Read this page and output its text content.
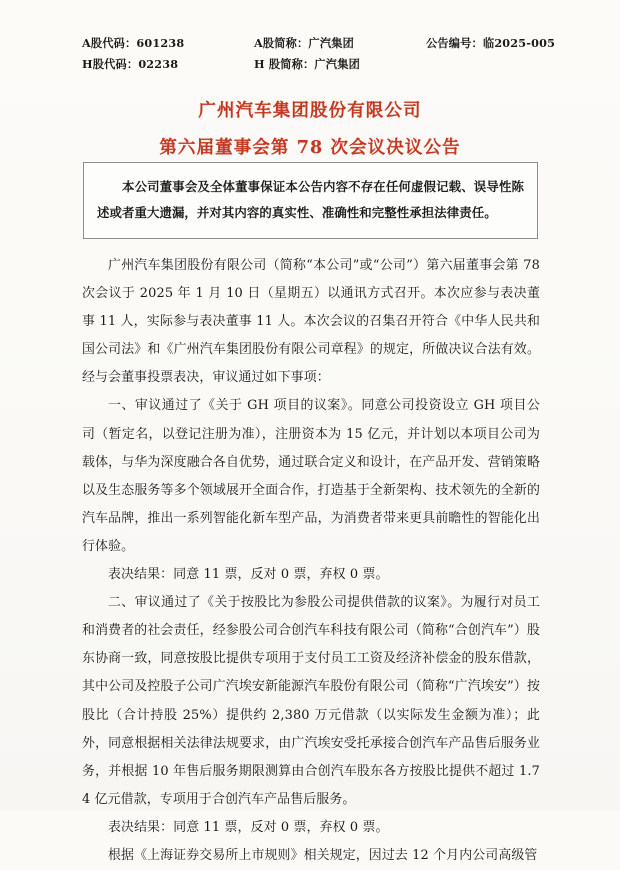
A股代码：601238	A股简称：广汽集团	公告编号：临2025-005
H股代码：02238	H 股简称：广汽集团
广州汽车集团股份有限公司
第六届董事会第 78 次会议决议公告

本公司董事会及全体董事保证本公告内容不存在任何虚假记载、误导性陈述或者重大遗漏，并对其内容的真实性、准确性和完整性承担法律责任。

广州汽车集团股份有限公司（简称“本公司”或“公司”）第六届董事会第 78 次会议于 2025 年 1 月 10 日（星期五）以通讯方式召开。本次应参与表决董事 11 人，实际参与表决董事 11 人。本次会议的召集召开符合《中华人民共和国公司法》和《广州汽车集团股份有限公司章程》的规定，所做决议合法有效。经与会董事投票表决，审议通过如下事项：

一、审议通过了《关于 GH 项目的议案》。同意公司投资设立 GH 项目公司（暂定名，以登记注册为准），注册资本为 15 亿元，并计划以本项目公司为载体，与华为深度融合各自优势，通过联合定义和设计，在产品开发、营销策略以及生态服务等多个领域展开全面合作，打造基于全新架构、技术领先的全新的汽车品牌，推出一系列智能化新车型产品，为消费者带来更具前瞻性的智能化出行体验。

表决结果：同意 11 票，反对 0 票，弃权 0 票。

二、审议通过了《关于按股比为参股公司提供借款的议案》。为履行对员工和消费者的社会责任，经参股公司合创汽车科技有限公司（简称“合创汽车”）股东协商一致，同意按股比提供专项用于支付员工工资及经济补偿金的股东借款，其中公司及控股子公司广汽埃安新能源汽车股份有限公司（简称“广汽埃安”）按股比（合计持股 25%）提供约 2,380 万元借款（以实际发生金额为准）；此外，同意根据相关法律法规要求，由广汽埃安受托承接合创汽车产品售后服务业务，并根据 10 年售后服务期限测算由合创汽车股东各方按股比提供不超过 1.74 亿元借款，专项用于合创汽车产品售后服务。

表决结果：同意 11 票，反对 0 票，弃权 0 票。

根据《上海证券交易所上市规则》相关规定，因过去 12 个月内公司高级管
